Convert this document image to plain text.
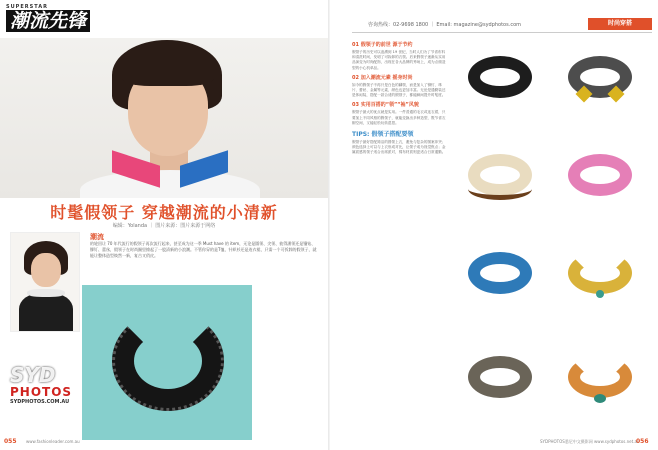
SUPERSTAR
潮流先锋
时髦假领子 穿越潮流的小清新
编辑：Yolanda ｜ 图片来源：图片来源于网络
潮流
的轮回让 70 年代流行的假领子再次流行起来，甚至成为这一季 Must have 的 item，无论是圆领、尖领、彼得潘领还是镶钻、铆钉、蕾丝，假领子在时尚圈里掀起了一股清新的小浪潮。不管你穿的是T恤、针织衫还是连衣裙，只需一个可拆卸的假领子，就能让整体造型焕然一新，复古又俏皮。
SYD
PHOTOS
SYDPHOTOS.COM.AU
055 www.fashionleader.com.au
咨询热线：02-9698 1800 ｜ Email: magazine@sydphotos.com	时尚穿搭
01 假领子的前世 源于节约
假领子的历史可以追溯到 19 世纪，当时人们为了节省布料和清洗时间，发明了可拆卸的衣领。后来假领子逐渐从实用品演变为时尚配饰，出现在各大品牌的秀场上，成为点缀造型的小心机单品。
02 加入潮流元素 摇身时尚
如今的假领子不再只是白色的翻领，而是加入了铆钉、珠片、蕾丝、金属等元素，颜色也更加丰富。无论是通勤装还是休闲装，搭配一款合适的假领子，都能瞬间提升时髦度。
03 实用百搭的“领”“袖”风貌
假领子最大的优点就是实用。一件普通的毛衣或连衣裙，只要加上不同风格的假领子，就能变换出多种造型，既节省衣橱空间，又能轻松玩转混搭。
TIPS: 假领子搭配要领
假领子最好搭配简洁的圆领上衣，避免与复杂的图案冲突；颜色选择上可以与上衣形成对比，让领子成为视觉焦点；金属质感的领子适合出席派对，棉布材质则更适合日常通勤。
SYDPHOTOS悉尼中文摄影网 www.sydphotos.net.au
056
